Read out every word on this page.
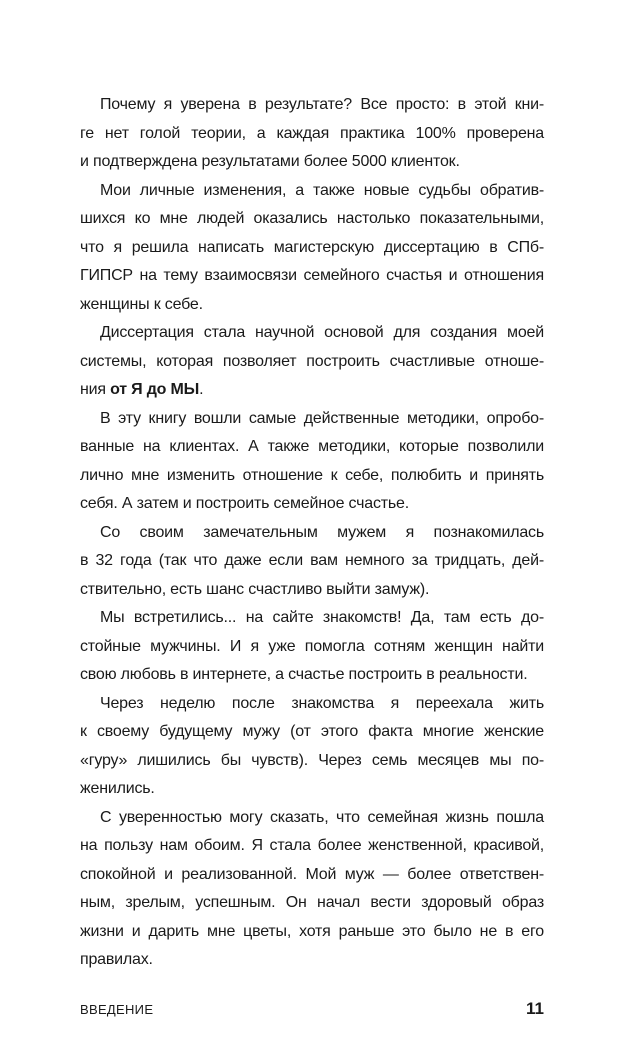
Почему я уверена в результате? Все просто: в этой кни-
ге нет голой теории, а каждая практика 100% проверена
и подтверждена результатами более 5000 клиенток.
Мои личные изменения, а также новые судьбы обратив-
шихся ко мне людей оказались настолько показательными,
что я решила написать магистерскую диссертацию в СПб-
ГИПСР на тему взаимосвязи семейного счастья и отношения
женщины к себе.
Диссертация стала научной основой для создания моей
системы, которая позволяет построить счастливые отноше-
ния от Я до МЫ.
В эту книгу вошли самые действенные методики, опробо-
ванные на клиентах. А также методики, которые позволили
лично мне изменить отношение к себе, полюбить и принять
себя. А затем и построить семейное счастье.
Со своим замечательным мужем я познакомилась
в 32 года (так что даже если вам немного за тридцать, дей-
ствительно, есть шанс счастливо выйти замуж).
Мы встретились... на сайте знакомств! Да, там есть до-
стойные мужчины. И я уже помогла сотням женщин найти
свою любовь в интернете, а счастье построить в реальности.
Через неделю после знакомства я переехала жить
к своему будущему мужу (от этого факта многие женские
«гуру» лишились бы чувств). Через семь месяцев мы по-
женились.
С уверенностью могу сказать, что семейная жизнь пошла
на пользу нам обоим. Я стала более женственной, красивой,
спокойной и реализованной. Мой муж — более ответствен-
ным, зрелым, успешным. Он начал вести здоровый образ
жизни и дарить мне цветы, хотя раньше это было не в его
правилах.
ВВЕДЕНИЕ	11
